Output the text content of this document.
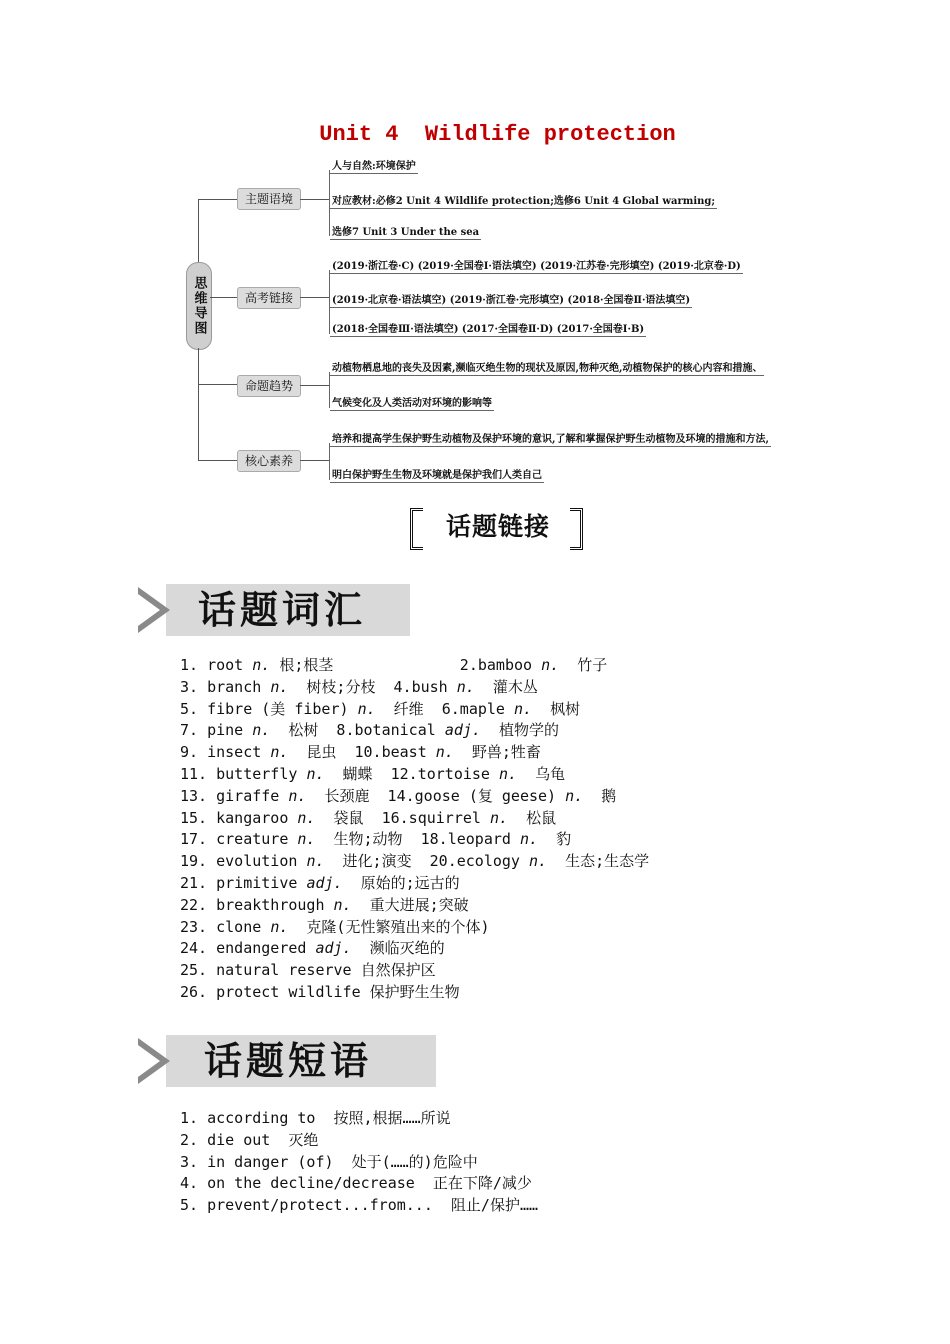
Unit 4  Wildlife protection
思维导图
主题语境
人与自然:环境保护
对应教材:必修2 Unit 4 Wildlife protection;选修6 Unit 4 Global warming;
选修7 Unit 3 Under the sea
高考链接
(2019·浙江卷·C) (2019·全国卷Ⅰ·语法填空) (2019·江苏卷·完形填空) (2019·北京卷·D)
(2019·北京卷·语法填空) (2019·浙江卷·完形填空) (2018·全国卷Ⅱ·语法填空)
(2018·全国卷Ⅲ·语法填空) (2017·全国卷Ⅱ·D) (2017·全国卷Ⅰ·B)
命题趋势
动植物栖息地的丧失及因素,濒临灭绝生物的现状及原因,物种灭绝,动植物保护的核心内容和措施、
气候变化及人类活动对环境的影响等
核心素养
培养和提高学生保护野生动植物及保护环境的意识,了解和掌握保护野生动植物及环境的措施和方法,
明白保护野生生物及环境就是保护我们人类自己
话题链接
话题词汇
1. root n. 根;根茎              2.bamboo n.  竹子
3. branch n.  树枝;分枝  4.bush n.  灌木丛
5. fibre (美 fiber) n.  纤维  6.maple n.  枫树
7. pine n.  松树  8.botanical adj.  植物学的
9. insect n.  昆虫  10.beast n.  野兽;牲畜
11. butterfly n.  蝴蝶  12.tortoise n.  乌龟
13. giraffe n.  长颈鹿  14.goose (复 geese) n.  鹅
15. kangaroo n.  袋鼠  16.squirrel n.  松鼠
17. creature n.  生物;动物  18.leopard n.  豹
19. evolution n.  进化;演变  20.ecology n.  生态;生态学
21. primitive adj.  原始的;远古的
22. breakthrough n.  重大进展;突破
23. clone n.  克隆(无性繁殖出来的个体)
24. endangered adj.  濒临灭绝的
25. natural reserve 自然保护区
26. protect wildlife 保护野生生物
话题短语
1. according to  按照,根据……所说
2. die out  灭绝
3. in danger (of)  处于(……的)危险中
4. on the decline/decrease  正在下降/减少
5. prevent/protect...from...  阻止/保护……
